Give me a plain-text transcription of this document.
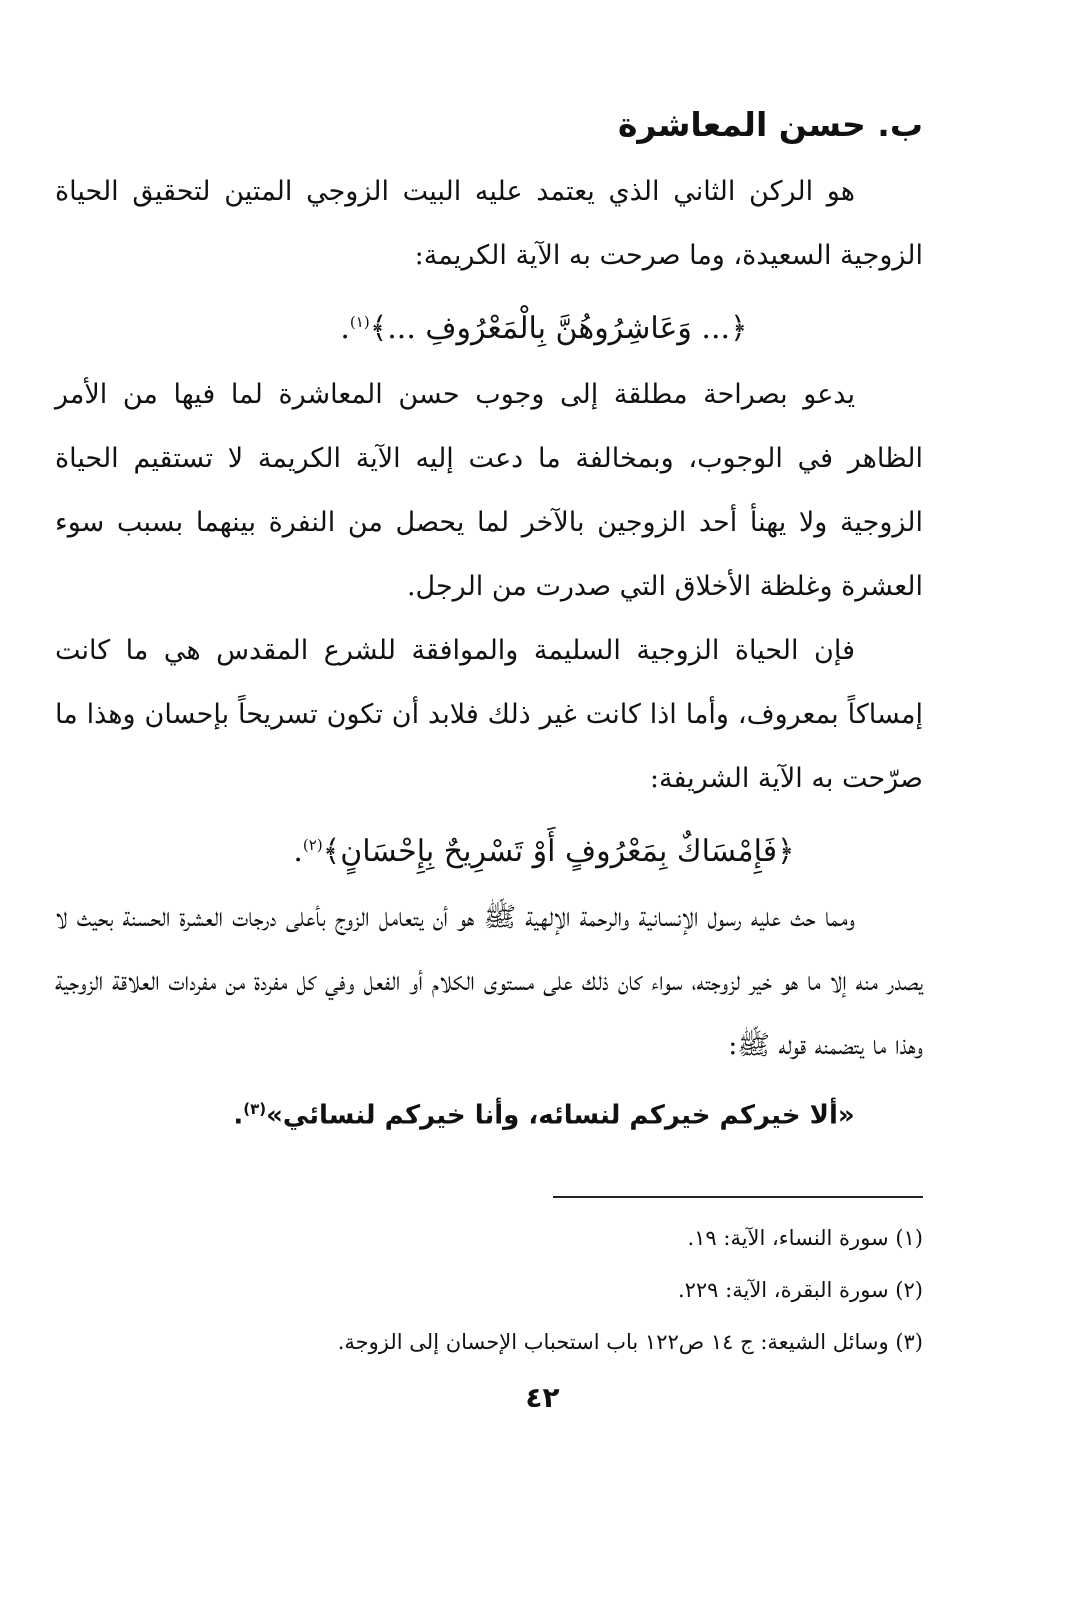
ب. حسن المعاشرة

هو الركن الثاني الذي يعتمد عليه البيت الزوجي المتين لتحقيق الحياة الزوجية السعيدة، وما صرحت به الآية الكريمة:

﴿... وَعَاشِرُوهُنَّ بِالْمَعْرُوفِ ...﴾$^{(١)}$.

يدعو بصراحة مطلقة إلى وجوب حسن المعاشرة لما فيها من الأمر الظاهر في الوجوب، وبمخالفة ما دعت إليه الآية الكريمة لا تستقيم الحياة الزوجية ولا يهنأ أحد الزوجين بالآخر لما يحصل من النفرة بينهما بسبب سوء العشرة وغلظة الأخلاق التي صدرت من الرجل.

فإن الحياة الزوجية السليمة والموافقة للشرع المقدس هي ما كانت إمساكاً بمعروف، وأما اذا كانت غير ذلك فلابد أن تكون تسريحاً بإحسان وهذا ما صرّحت به الآية الشريفة:

﴿فَإِمْسَاكٌ بِمَعْرُوفٍ أَوْ تَسْرِيحٌ بِإِحْسَانٍ﴾$^{(٢)}$.

ومما حث عليه رسول الإنسانية والرحمة الإلهية ﷺ هو أن يتعامل الزوج بأعلى درجات العشرة الحسنة بحيث لا يصدر منه إلا ما هو خير لزوجته، سواء كان ذلك على مستوى الكلام أو الفعل وفي كل مفردة من مفردات العلاقة الزوجية وهذا ما يتضمنه قوله ﷺ:

«ألا خيركم خيركم لنسائه، وأنا خيركم لنسائي»$^{(٣)}$.

(١) سورة النساء، الآية: ١٩.

(٢) سورة البقرة، الآية: ٢٢٩.

(٣) وسائل الشيعة: ج ١٤ ص١٢٢ باب استحباب الإحسان إلى الزوجة.

٤٢
